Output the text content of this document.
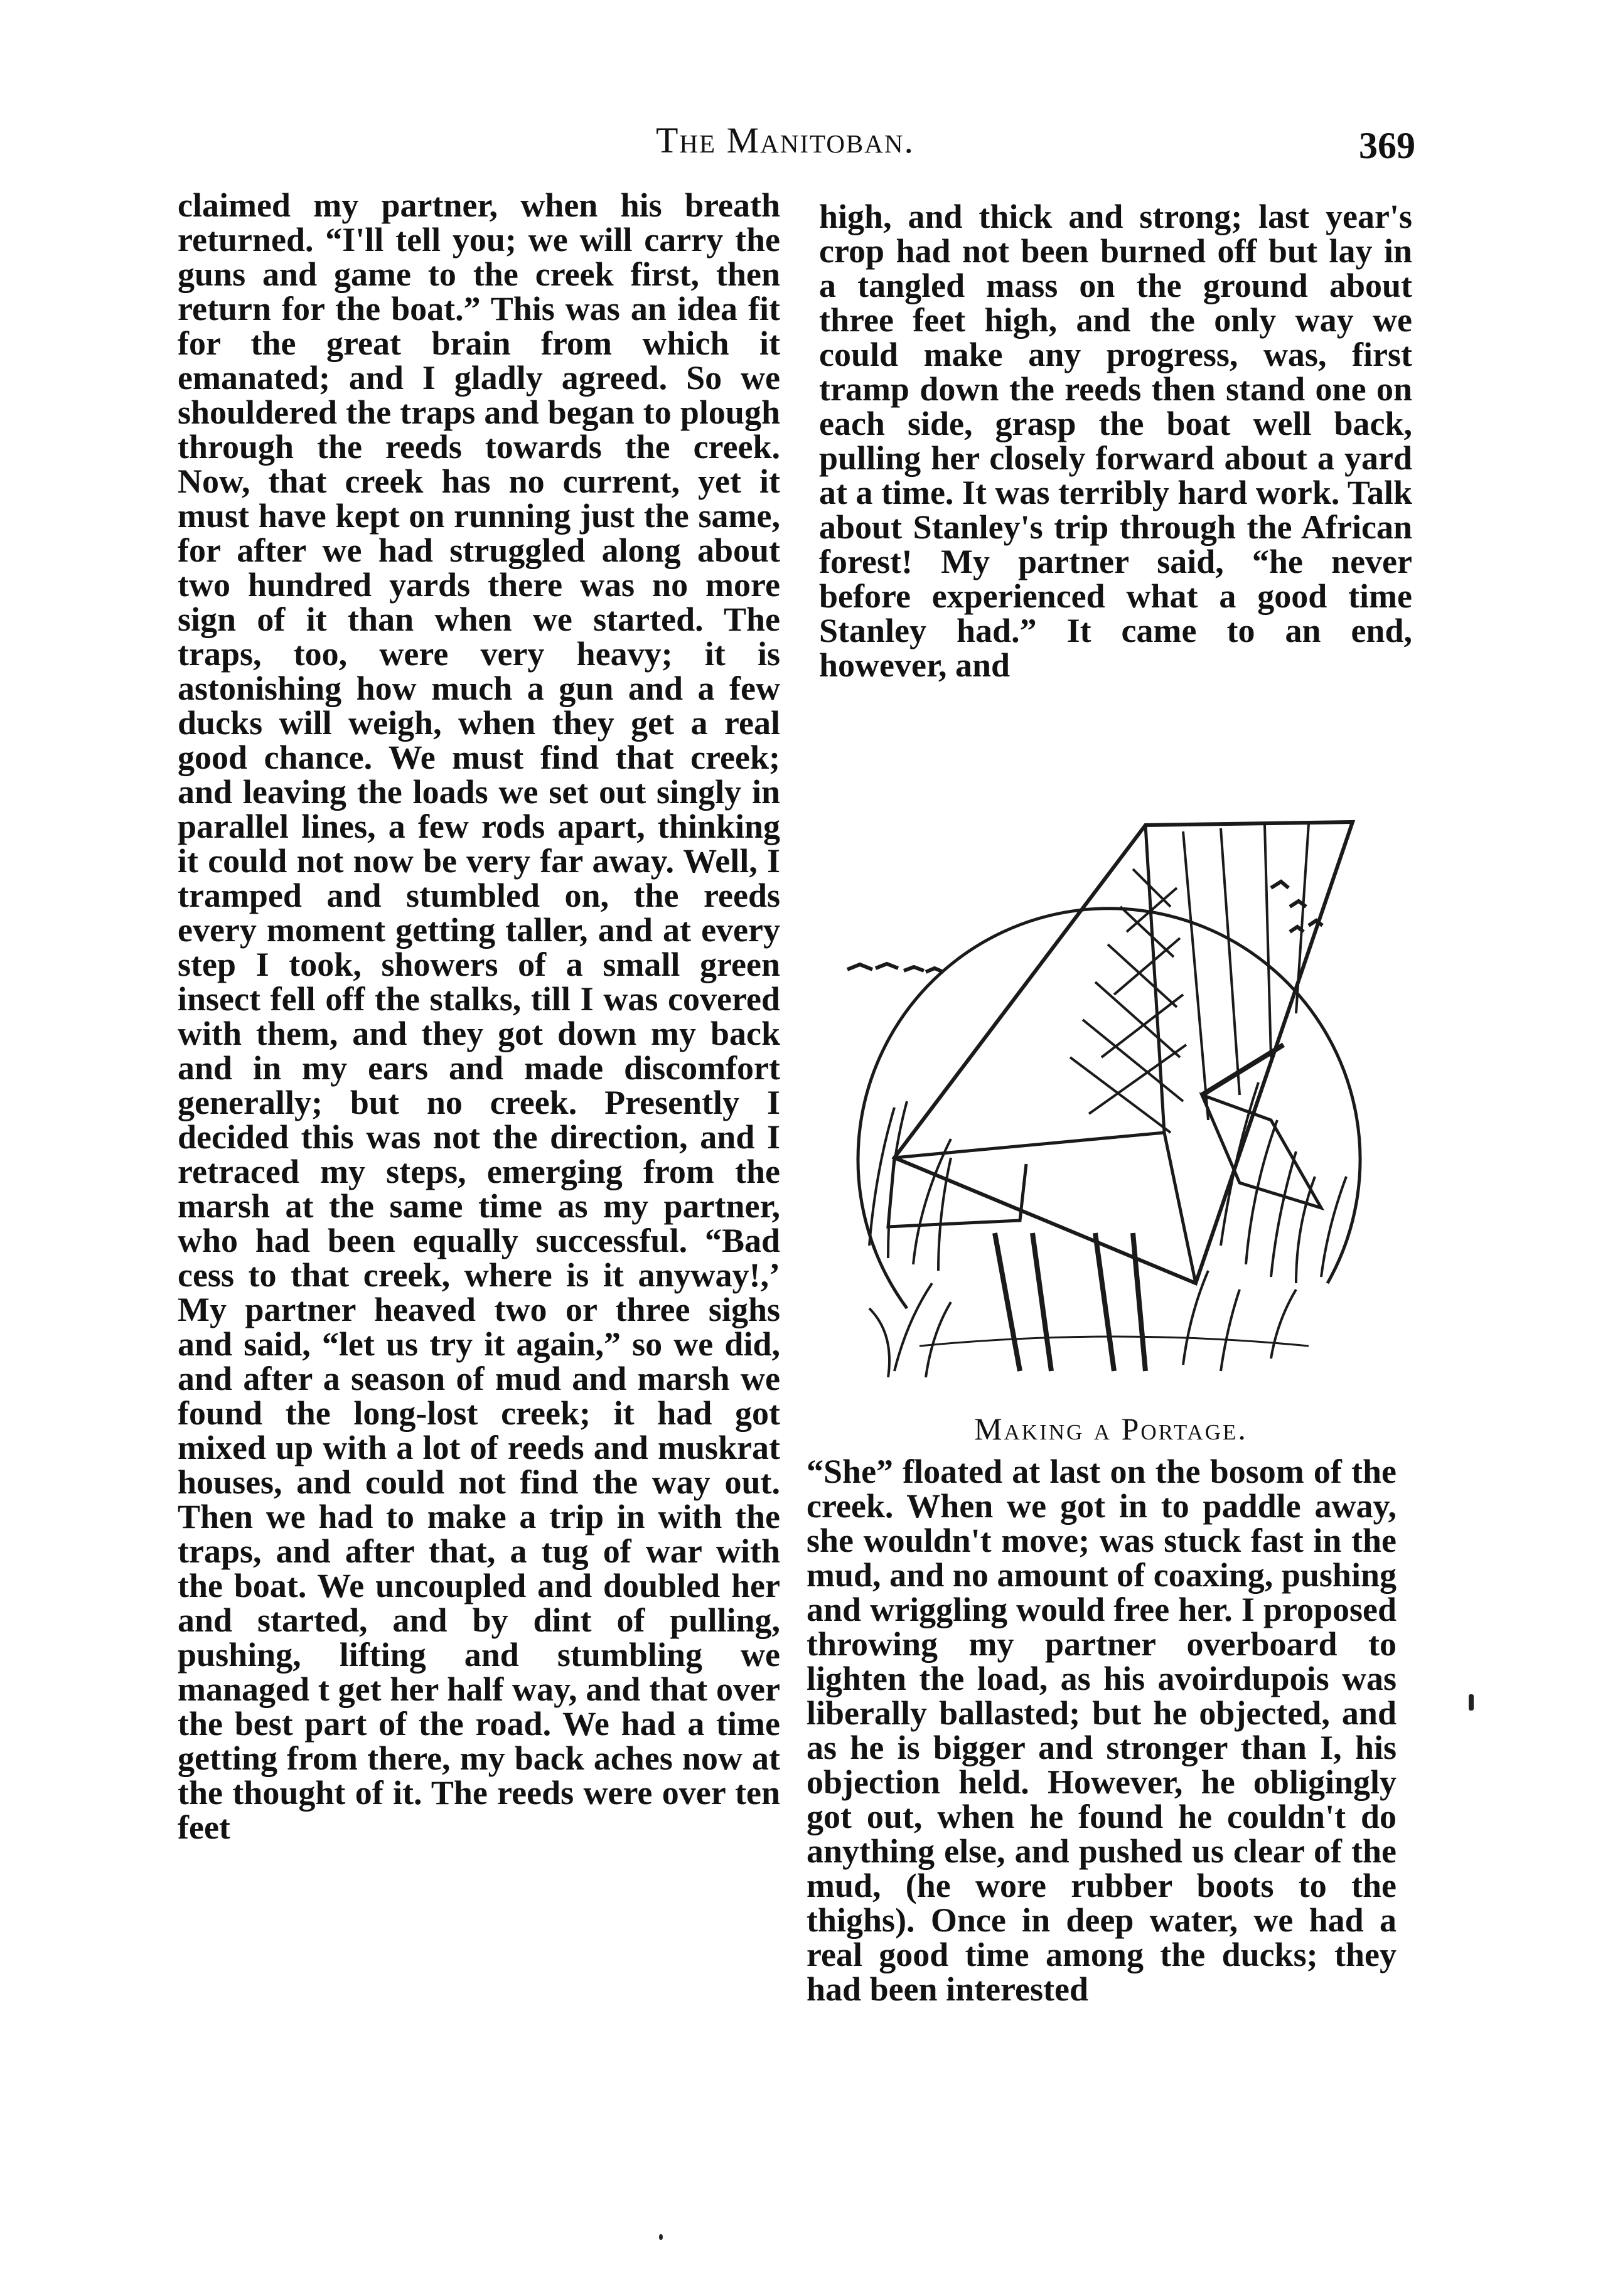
The Manitoban.	369

claimed my partner, when his breath returned. “I'll tell you; we will carry the guns and game to the creek first, then return for the boat.” This was an idea fit for the great brain from which it emanated; and I gladly agreed. So we shouldered the traps and began to plough through the reeds towards the creek. Now, that creek has no current, yet it must have kept on running just the same, for after we had struggled along about two hundred yards there was no more sign of it than when we started. The traps, too, were very heavy; it is astonishing how much a gun and a few ducks will weigh, when they get a real good chance. We must find that creek; and leaving the loads we set out singly in parallel lines, a few rods apart, thinking it could not now be very far away. Well, I tramped and stumbled on, the reeds every moment getting taller, and at every step I took, showers of a small green insect fell off the stalks, till I was covered with them, and they got down my back and in my ears and made discomfort generally; but no creek. Presently I decided this was not the direction, and I retraced my steps, emerging from the marsh at the same time as my partner, who had been equally successful. “Bad cess to that creek, where is it anyway!,’ My partner heaved two or three sighs and said, “let us try it again,” so we did, and after a season of mud and marsh we found the long-lost creek; it had got mixed up with a lot of reeds and muskrat houses, and could not find the way out. Then we had to make a trip in with the traps, and after that, a tug of war with the boat. We uncoupled and doubled her and started, and by dint of pulling, pushing, lifting and stumbling we managed t get her half way, and that over the best part of the road. We had a time getting from there, my back aches now at the thought of it. The reeds were over ten feet

high, and thick and strong; last year's crop had not been burned off but lay in a tangled mass on the ground about three feet high, and the only way we could make any progress, was, first tramp down the reeds then stand one on each side, grasp the boat well back, pulling her closely forward about a yard at a time. It was terribly hard work. Talk about Stanley's trip through the African forest! My partner said, “he never before experienced what a good time Stanley had.” It came to an end, however, and

Making a Portage.

“She” floated at last on the bosom of the creek. When we got in to paddle away, she wouldn't move; was stuck fast in the mud, and no amount of coaxing, pushing and wriggling would free her. I proposed throwing my partner overboard to lighten the load, as his avoirdupois was liberally ballasted; but he objected, and as he is bigger and stronger than I, his objection held. However, he obligingly got out, when he found he couldn't do anything else, and pushed us clear of the mud, (he wore rubber boots to the thighs). Once in deep water, we had a real good time among the ducks; they had been interested
